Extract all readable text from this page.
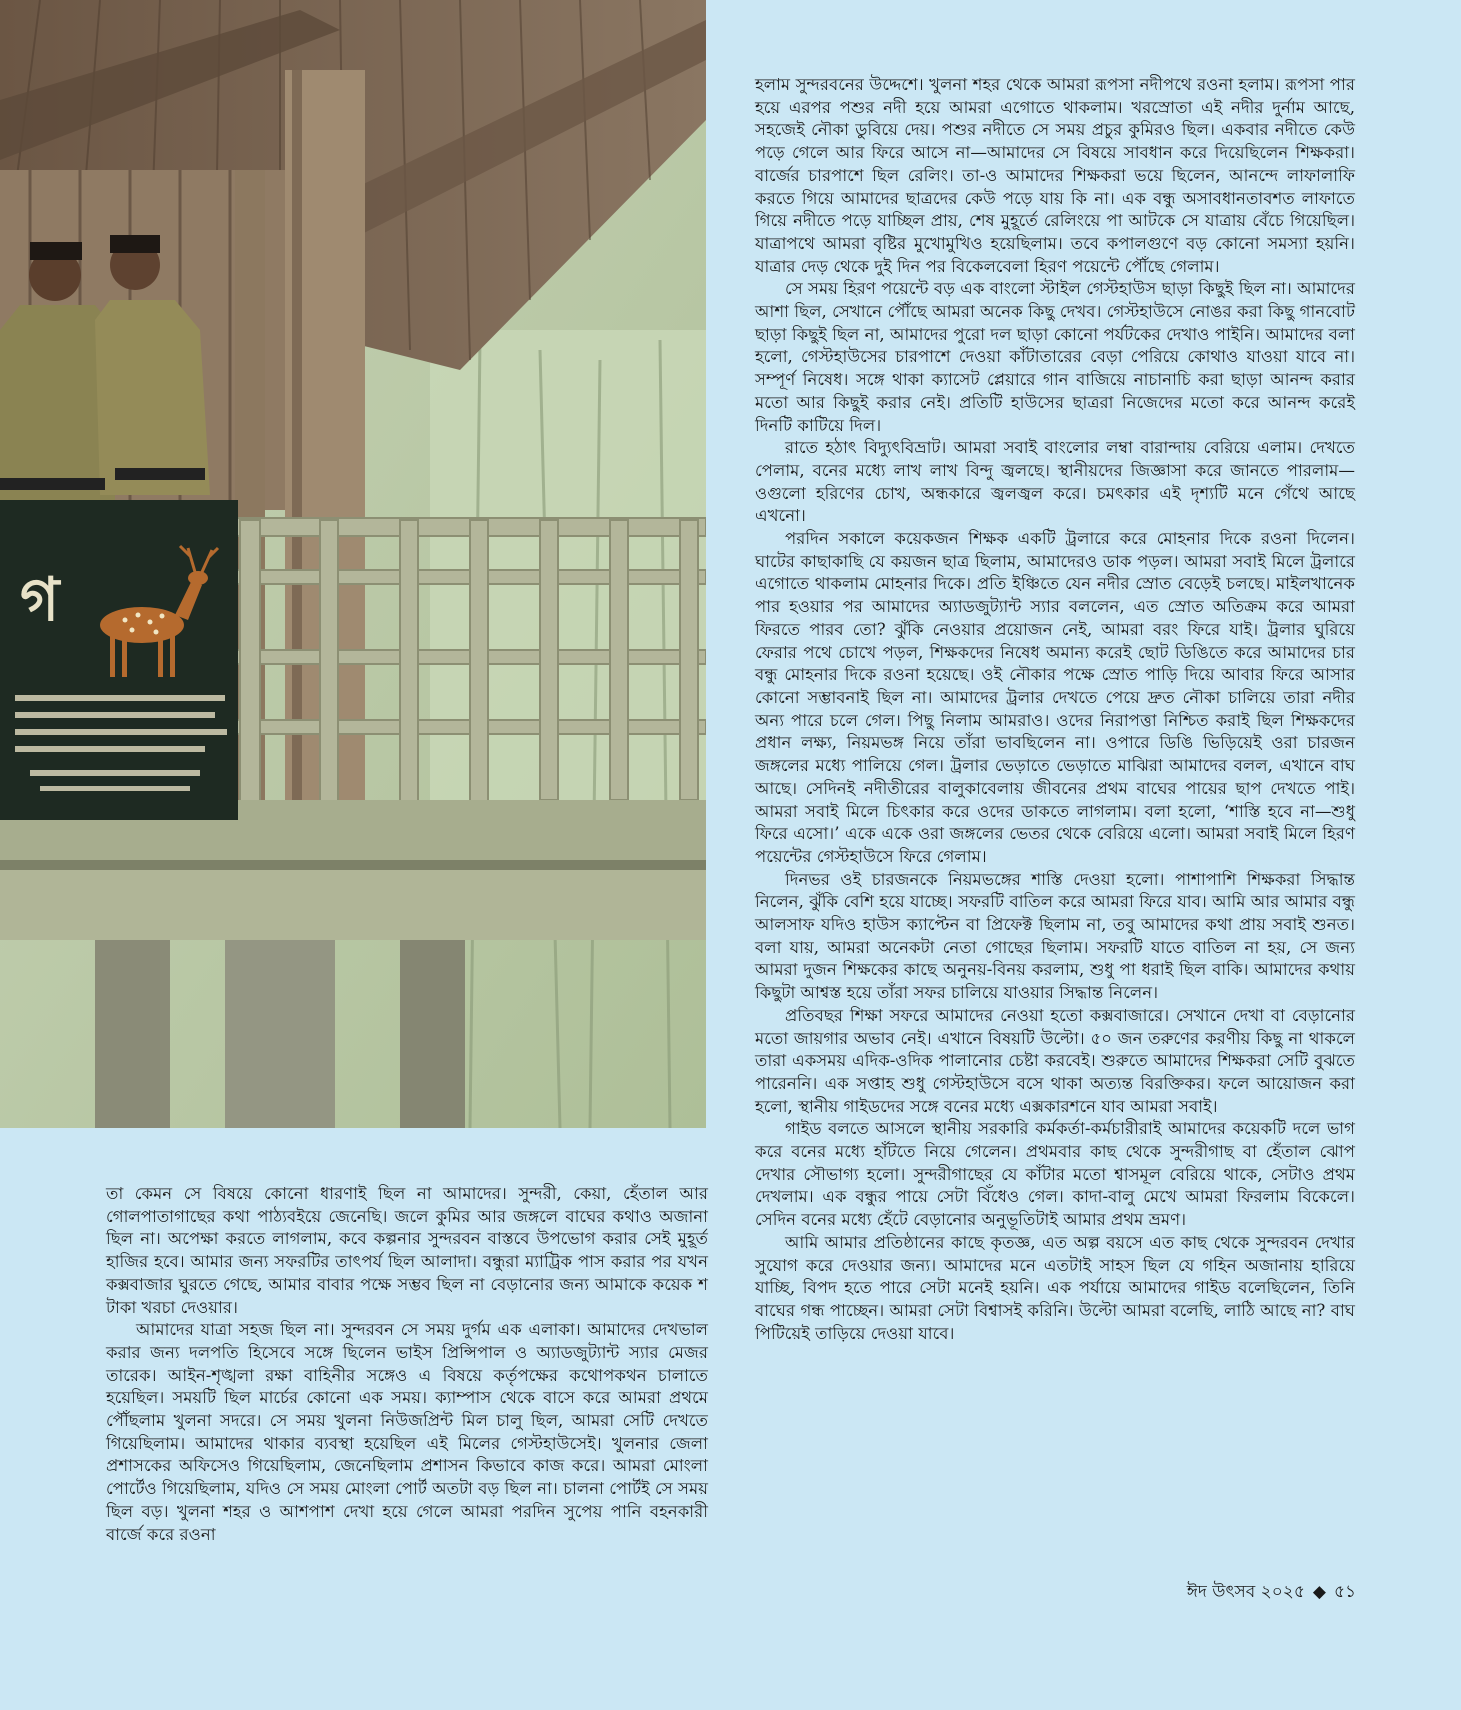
গ

হলাম সুন্দরবনের উদ্দেশে। খুলনা শহর থেকে আমরা রূপসা নদীপথে রওনা হলাম। রূপসা পার হয়ে এরপর পশুর নদী হয়ে আমরা এগোতে থাকলাম। খরস্রোতা এই নদীর দুর্নাম আছে, সহজেই নৌকা ডুবিয়ে দেয়। পশুর নদীতে সে সময় প্রচুর কুমিরও ছিল। একবার নদীতে কেউ পড়ে গেলে আর ফিরে আসে না—আমাদের সে বিষয়ে সাবধান করে দিয়েছিলেন শিক্ষকরা। বার্জের চারপাশে ছিল রেলিং। তা-ও আমাদের শিক্ষকরা ভয়ে ছিলেন, আনন্দে লাফালাফি করতে গিয়ে আমাদের ছাত্রদের কেউ পড়ে যায় কি না। এক বন্ধু অসাবধানতাবশত লাফাতে গিয়ে নদীতে পড়ে যাচ্ছিল প্রায়, শেষ মুহূর্তে রেলিংয়ে পা আটকে সে যাত্রায় বেঁচে গিয়েছিল। যাত্রাপথে আমরা বৃষ্টির মুখোমুখিও হয়েছিলাম। তবে কপালগুণে বড় কোনো সমস্যা হয়নি। যাত্রার দেড় থেকে দুই দিন পর বিকেলবেলা হিরণ পয়েন্টে পৌঁছে গেলাম।

সে সময় হিরণ পয়েন্টে বড় এক বাংলো স্টাইল গেস্টহাউস ছাড়া কিছুই ছিল না। আমাদের আশা ছিল, সেখানে পৌঁছে আমরা অনেক কিছু দেখব। গেস্টহাউসে নোঙর করা কিছু গানবোট ছাড়া কিছুই ছিল না, আমাদের পুরো দল ছাড়া কোনো পর্যটকের দেখাও পাইনি। আমাদের বলা হলো, গেস্টহাউসের চারপাশে দেওয়া কাঁটাতারের বেড়া পেরিয়ে কোথাও যাওয়া যাবে না। সম্পূর্ণ নিষেধ। সঙ্গে থাকা ক্যাসেট প্লেয়ারে গান বাজিয়ে নাচানাচি করা ছাড়া আনন্দ করার মতো আর কিছুই করার নেই। প্রতিটি হাউসের ছাত্ররা নিজেদের মতো করে আনন্দ করেই দিনটি কাটিয়ে দিল।

রাতে হঠাৎ বিদ্যুৎবিভ্রাট। আমরা সবাই বাংলোর লম্বা বারান্দায় বেরিয়ে এলাম। দেখতে পেলাম, বনের মধ্যে লাখ লাখ বিন্দু জ্বলছে। স্থানীয়দের জিজ্ঞাসা করে জানতে পারলাম—ওগুলো হরিণের চোখ, অন্ধকারে জ্বলজ্বল করে। চমৎকার এই দৃশ্যটি মনে গেঁথে আছে এখনো।

পরদিন সকালে কয়েকজন শিক্ষক একটি ট্রলারে করে মোহনার দিকে রওনা দিলেন। ঘাটের কাছাকাছি যে কয়জন ছাত্র ছিলাম, আমাদেরও ডাক পড়ল। আমরা সবাই মিলে ট্রলারে এগোতে থাকলাম মোহনার দিকে। প্রতি ইঞ্চিতে যেন নদীর স্রোত বেড়েই চলছে। মাইলখানেক পার হওয়ার পর আমাদের অ্যাডজুট্যান্ট স্যার বললেন, এত স্রোত অতিক্রম করে আমরা ফিরতে পারব তো? ঝুঁকি নেওয়ার প্রয়োজন নেই, আমরা বরং ফিরে যাই। ট্রলার ঘুরিয়ে ফেরার পথে চোখে পড়ল, শিক্ষকদের নিষেধ অমান্য করেই ছোট ডিঙিতে করে আমাদের চার বন্ধু মোহনার দিকে রওনা হয়েছে। ওই নৌকার পক্ষে স্রোত পাড়ি দিয়ে আবার ফিরে আসার কোনো সম্ভাবনাই ছিল না। আমাদের ট্রলার দেখতে পেয়ে দ্রুত নৌকা চালিয়ে তারা নদীর অন্য পারে চলে গেল। পিছু নিলাম আমরাও। ওদের নিরাপত্তা নিশ্চিত করাই ছিল শিক্ষকদের প্রধান লক্ষ্য, নিয়মভঙ্গ নিয়ে তাঁরা ভাবছিলেন না। ওপারে ডিঙি ভিড়িয়েই ওরা চারজন জঙ্গলের মধ্যে পালিয়ে গেল। ট্রলার ভেড়াতে ভেড়াতে মাঝিরা আমাদের বলল, এখানে বাঘ আছে। সেদিনই নদীতীরের বালুকাবেলায় জীবনের প্রথম বাঘের পায়ের ছাপ দেখতে পাই। আমরা সবাই মিলে চিৎকার করে ওদের ডাকতে লাগলাম। বলা হলো, ‘শাস্তি হবে না—শুধু ফিরে এসো।’ একে একে ওরা জঙ্গলের ভেতর থেকে বেরিয়ে এলো। আমরা সবাই মিলে হিরণ পয়েন্টের গেস্টহাউসে ফিরে গেলাম।

দিনভর ওই চারজনকে নিয়মভঙ্গের শাস্তি দেওয়া হলো। পাশাপাশি শিক্ষকরা সিদ্ধান্ত নিলেন, ঝুঁকি বেশি হয়ে যাচ্ছে। সফরটি বাতিল করে আমরা ফিরে যাব। আমি আর আমার বন্ধু আলসাফ যদিও হাউস ক্যাপ্টেন বা প্রিফেক্ট ছিলাম না, তবু আমাদের কথা প্রায় সবাই শুনত। বলা যায়, আমরা অনেকটা নেতা গোছের ছিলাম। সফরটি যাতে বাতিল না হয়, সে জন্য আমরা দুজন শিক্ষকের কাছে অনুনয়-বিনয় করলাম, শুধু পা ধরাই ছিল বাকি। আমাদের কথায় কিছুটা আশ্বস্ত হয়ে তাঁরা সফর চালিয়ে যাওয়ার সিদ্ধান্ত নিলেন।

প্রতিবছর শিক্ষা সফরে আমাদের নেওয়া হতো কক্সবাজারে। সেখানে দেখা বা বেড়ানোর মতো জায়গার অভাব নেই। এখানে বিষয়টি উল্টো। ৫০ জন তরুণের করণীয় কিছু না থাকলে তারা একসময় এদিক-ওদিক পালানোর চেষ্টা করবেই। শুরুতে আমাদের শিক্ষকরা সেটি বুঝতে পারেননি। এক সপ্তাহ শুধু গেস্টহাউসে বসে থাকা অত্যন্ত বিরক্তিকর। ফলে আয়োজন করা হলো, স্থানীয় গাইডদের সঙ্গে বনের মধ্যে এক্সকারশনে যাব আমরা সবাই।

গাইড বলতে আসলে স্থানীয় সরকারি কর্মকর্তা-কর্মচারীরাই আমাদের কয়েকটি দলে ভাগ করে বনের মধ্যে হাঁটতে নিয়ে গেলেন। প্রথমবার কাছ থেকে সুন্দরীগাছ বা হেঁতাল ঝোপ দেখার সৌভাগ্য হলো। সুন্দরীগাছের যে কাঁটার মতো শ্বাসমূল বেরিয়ে থাকে, সেটাও প্রথম দেখলাম। এক বন্ধুর পায়ে সেটা বিঁধেও গেল। কাদা-বালু মেখে আমরা ফিরলাম বিকেলে। সেদিন বনের মধ্যে হেঁটে বেড়ানোর অনুভূতিটাই আমার প্রথম ভ্রমণ।

আমি আমার প্রতিষ্ঠানের কাছে কৃতজ্ঞ, এত অল্প বয়সে এত কাছ থেকে সুন্দরবন দেখার সুযোগ করে দেওয়ার জন্য। আমাদের মনে এতটাই সাহস ছিল যে গহিন অজানায় হারিয়ে যাচ্ছি, বিপদ হতে পারে সেটা মনেই হয়নি। এক পর্যায়ে আমাদের গাইড বলেছিলেন, তিনি বাঘের গন্ধ পাচ্ছেন। আমরা সেটা বিশ্বাসই করিনি। উল্টো আমরা বলেছি, লাঠি আছে না? বাঘ পিটিয়েই তাড়িয়ে দেওয়া যাবে।

তা কেমন সে বিষয়ে কোনো ধারণাই ছিল না আমাদের। সুন্দরী, কেয়া, হেঁতাল আর গোলপাতাগাছের কথা পাঠ্যবইয়ে জেনেছি। জলে কুমির আর জঙ্গলে বাঘের কথাও অজানা ছিল না। অপেক্ষা করতে লাগলাম, কবে কল্পনার সুন্দরবন বাস্তবে উপভোগ করার সেই মুহূর্ত হাজির হবে। আমার জন্য সফরটির তাৎপর্য ছিল আলাদা। বন্ধুরা ম্যাট্রিক পাস করার পর যখন কক্সবাজার ঘুরতে গেছে, আমার বাবার পক্ষে সম্ভব ছিল না বেড়ানোর জন্য আমাকে কয়েক শ টাকা খরচা দেওয়ার।

আমাদের যাত্রা সহজ ছিল না। সুন্দরবন সে সময় দুর্গম এক এলাকা। আমাদের দেখভাল করার জন্য দলপতি হিসেবে সঙ্গে ছিলেন ভাইস প্রিন্সিপাল ও অ্যাডজুট্যান্ট স্যার মেজর তারেক। আইন-শৃঙ্খলা রক্ষা বাহিনীর সঙ্গেও এ বিষয়ে কর্তৃপক্ষের কথোপকথন চালাতে হয়েছিল। সময়টি ছিল মার্চের কোনো এক সময়। ক্যাম্পাস থেকে বাসে করে আমরা প্রথমে পৌঁছলাম খুলনা সদরে। সে সময় খুলনা নিউজপ্রিন্ট মিল চালু ছিল, আমরা সেটি দেখতে গিয়েছিলাম। আমাদের থাকার ব্যবস্থা হয়েছিল এই মিলের গেস্টহাউসেই। খুলনার জেলা প্রশাসকের অফিসেও গিয়েছিলাম, জেনেছিলাম প্রশাসন কিভাবে কাজ করে। আমরা মোংলা পোর্টেও গিয়েছিলাম, যদিও সে সময় মোংলা পোর্ট অতটা বড় ছিল না। চালনা পোর্টই সে সময় ছিল বড়। খুলনা শহর ও আশপাশ দেখা হয়ে গেলে আমরা পরদিন সুপেয় পানি বহনকারী বার্জে করে রওনা

ঈদ উৎসব ২০২৫ ◆ ৫১
